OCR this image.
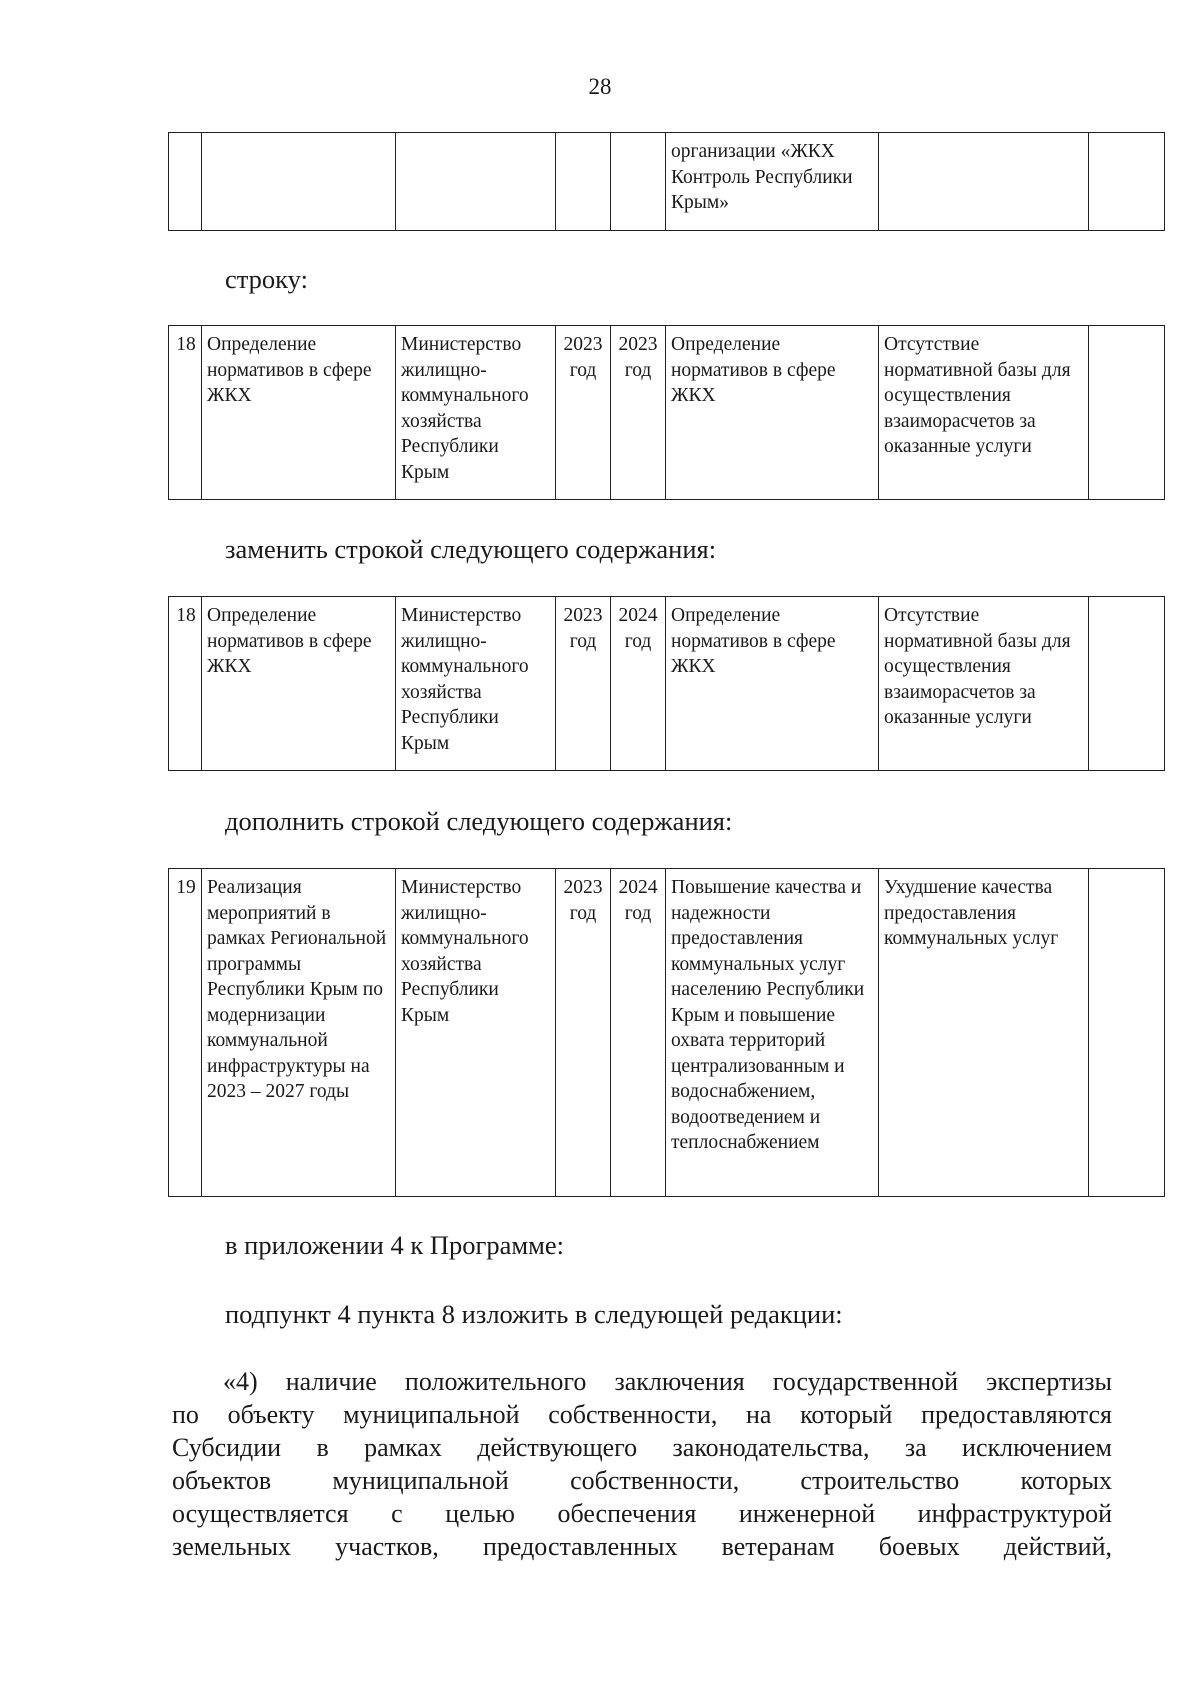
28
					организации «ЖКХ Контроль Республики Крым»		
строку:
18	Определение нормативов в сфере ЖКХ	Министерство жилищно-коммунального хозяйства Республики Крым	2023 год	2023 год	Определение нормативов в сфере ЖКХ	Отсутствие нормативной базы для осуществления взаиморасчетов за оказанные услуги	
заменить строкой следующего содержания:
18	Определение нормативов в сфере ЖКХ	Министерство жилищно-коммунального хозяйства Республики Крым	2023 год	2024 год	Определение нормативов в сфере ЖКХ	Отсутствие нормативной базы для осуществления взаиморасчетов за оказанные услуги	
дополнить строкой следующего содержания:
19	Реализация мероприятий в рамках Региональной программы Республики Крым по модернизации коммунальной инфраструктуры на 2023 – 2027 годы	Министерство жилищно-коммунального хозяйства Республики Крым	2023 год	2024 год	Повышение качества и надежности предоставления коммунальных услуг населению Республики Крым и повышение охвата территорий централизованным и водоснабжением, водоотведением и теплоснабжением	Ухудшение качества предоставления коммунальных услуг	
в приложении 4 к Программе:
подпункт 4 пункта 8 изложить в следующей редакции:
«4) наличие положительного заключения государственной экспертизы
по объекту муниципальной собственности, на который предоставляются
Субсидии в рамках действующего законодательства, за исключением
объектов муниципальной собственности, строительство которых
осуществляется с целью обеспечения инженерной инфраструктурой
земельных участков, предоставленных ветеранам боевых действий,
